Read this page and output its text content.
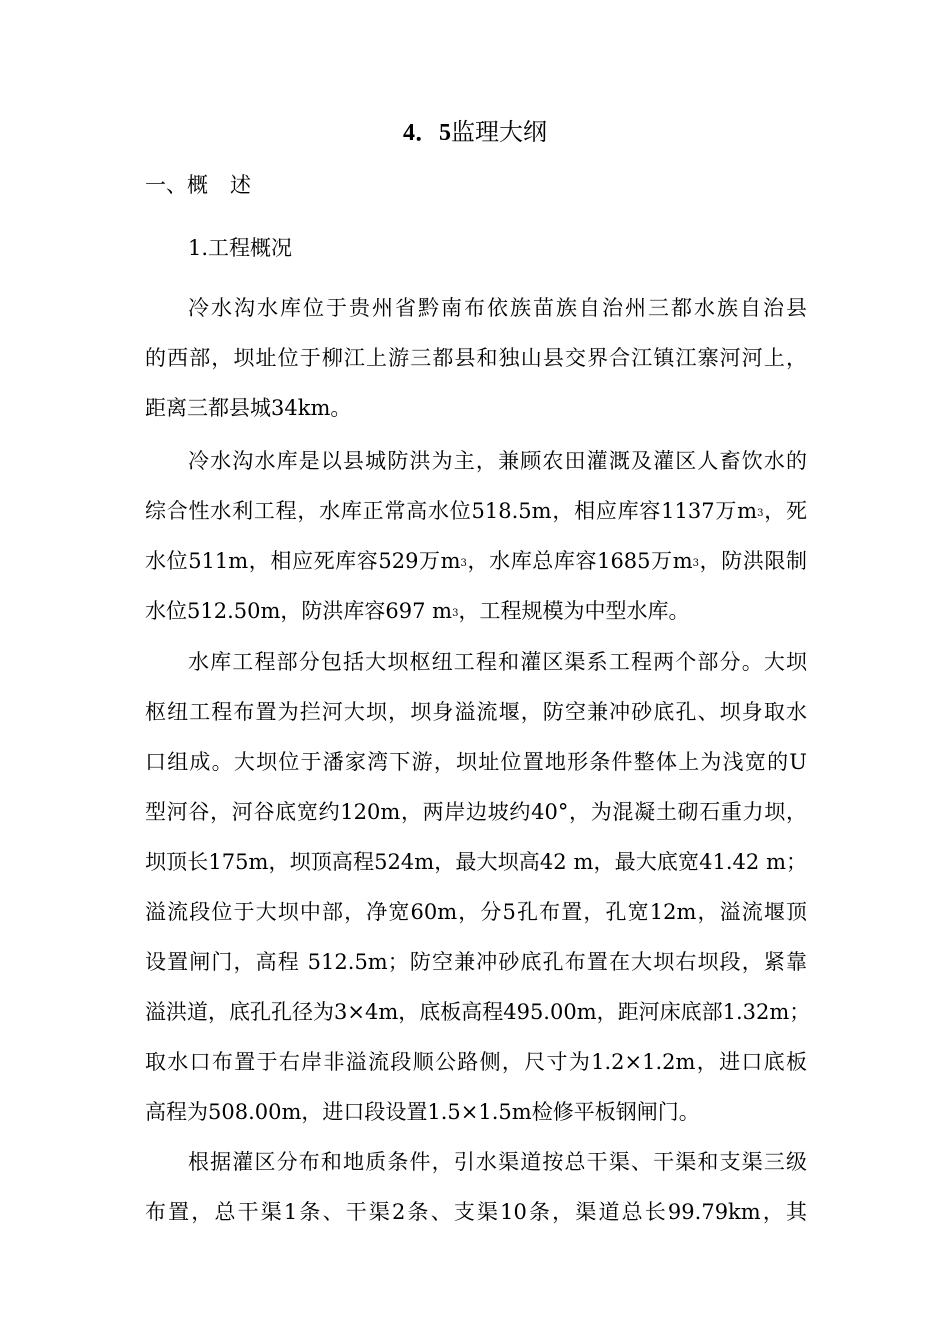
4．5监理大纲
一、概 述
1.工程概况
冷水沟水库位于贵州省黔南布依族苗族自治州三都水族自治县
的西部，坝址位于柳江上游三都县和独山县交界合江镇江寨河河上，
距离三都县城34km。
冷水沟水库是以县城防洪为主，兼顾农田灌溉及灌区人畜饮水的
综合性水利工程，水库正常高水位518.5m，相应库容1137万$m^3$，死
水位511m，相应死库容529万$m^3$，水库总库容1685万$m^3$，防洪限制
水位512.50m，防洪库容697 $m^3$，工程规模为中型水库。
水库工程部分包括大坝枢纽工程和灌区渠系工程两个部分。大坝
枢纽工程布置为拦河大坝，坝身溢流堰，防空兼冲砂底孔、坝身取水
口组成。大坝位于潘家湾下游，坝址位置地形条件整体上为浅宽的U
型河谷，河谷底宽约120m，两岸边坡约40°，为混凝土砌石重力坝，
坝顶长175m，坝顶高程524m，最大坝高42 m，最大底宽41.42 m；
溢流段位于大坝中部，净宽60m，分5孔布置，孔宽12m，溢流堰顶
设置闸门，高程 512.5m；防空兼冲砂底孔布置在大坝右坝段，紧靠
溢洪道，底孔孔径为3×4m，底板高程495.00m，距河床底部1.32m；
取水口布置于右岸非溢流段顺公路侧，尺寸为1.2×1.2m，进口底板
高程为508.00m，进口段设置1.5×1.5m检修平板钢闸门。
根据灌区分布和地质条件，引水渠道按总干渠、干渠和支渠三级
布置，总干渠1条、干渠2条、支渠10条，渠道总长99.79km，其
